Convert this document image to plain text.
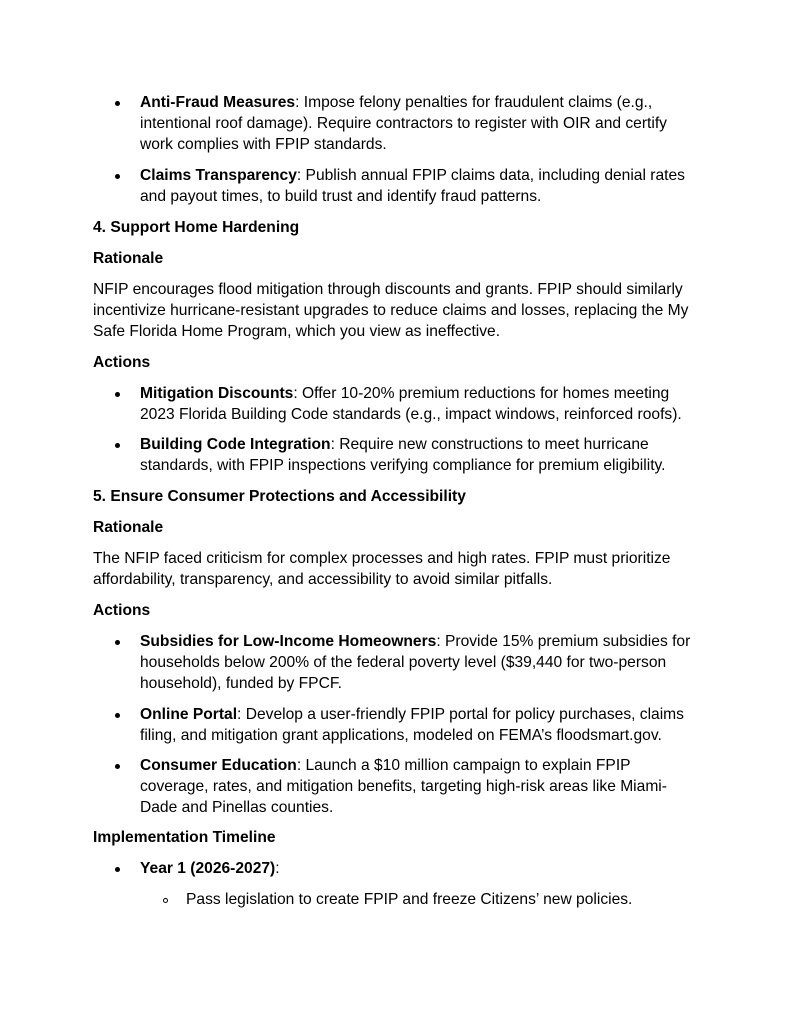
Anti-Fraud Measures: Impose felony penalties for fraudulent claims (e.g.,
intentional roof damage). Require contractors to register with OIR and certify
work complies with FPIP standards.
Claims Transparency: Publish annual FPIP claims data, including denial rates
and payout times, to build trust and identify fraud patterns.
4. Support Home Hardening
Rationale
NFIP encourages flood mitigation through discounts and grants. FPIP should similarly
incentivize hurricane-resistant upgrades to reduce claims and losses, replacing the My
Safe Florida Home Program, which you view as ineffective.
Actions
Mitigation Discounts: Offer 10-20% premium reductions for homes meeting
2023 Florida Building Code standards (e.g., impact windows, reinforced roofs).
Building Code Integration: Require new constructions to meet hurricane
standards, with FPIP inspections verifying compliance for premium eligibility.
5. Ensure Consumer Protections and Accessibility
Rationale
The NFIP faced criticism for complex processes and high rates. FPIP must prioritize
affordability, transparency, and accessibility to avoid similar pitfalls.
Actions
Subsidies for Low-Income Homeowners: Provide 15% premium subsidies for
households below 200% of the federal poverty level ($39,440 for two-person
household), funded by FPCF.
Online Portal: Develop a user-friendly FPIP portal for policy purchases, claims
filing, and mitigation grant applications, modeled on FEMA’s floodsmart.gov.
Consumer Education: Launch a $10 million campaign to explain FPIP
coverage, rates, and mitigation benefits, targeting high-risk areas like Miami-
Dade and Pinellas counties.
Implementation Timeline
Year 1 (2026-2027):
Pass legislation to create FPIP and freeze Citizens’ new policies.
